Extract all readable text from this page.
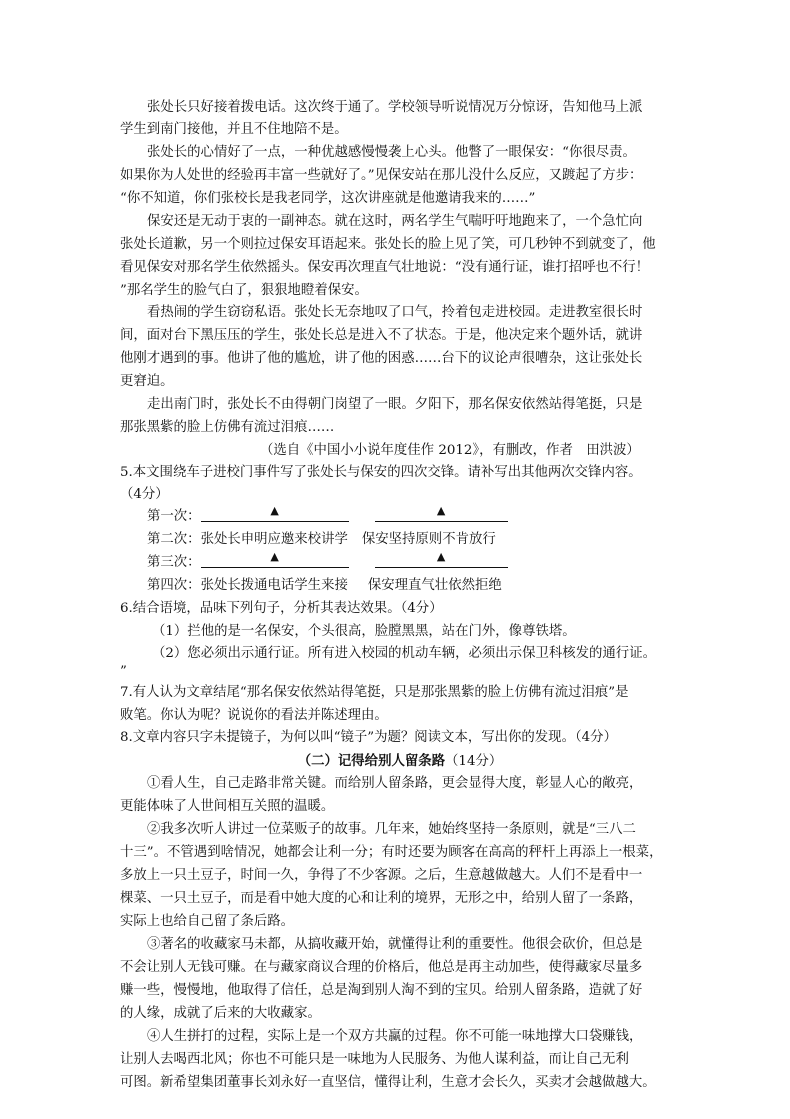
张处长只好接着拨电话。这次终于通了。学校领导听说情况万分惊讶，告知他马上派
学生到南门接他，并且不住地陪不是。
张处长的心情好了一点，一种优越感慢慢袭上心头。他瞥了一眼保安：“你很尽责。
如果你为人处世的经验再丰富一些就好了。”见保安站在那儿没什么反应，又踱起了方步：
“你不知道，你们张校长是我老同学，这次讲座就是他邀请我来的……”
保安还是无动于衷的一副神态。就在这时，两名学生气喘吁吁地跑来了，一个急忙向
张处长道歉，另一个则拉过保安耳语起来。张处长的脸上见了笑，可几秒钟不到就变了，他
看见保安对那名学生依然摇头。保安再次理直气壮地说：“没有通行证，谁打招呼也不行！
”那名学生的脸气白了，狠狠地瞪着保安。
看热闹的学生窃窃私语。张处长无奈地叹了口气，拎着包走进校园。走进教室很长时
间，面对台下黑压压的学生，张处长总是进入不了状态。于是，他决定来个题外话，就讲
他刚才遇到的事。他讲了他的尴尬，讲了他的困惑……台下的议论声很嘈杂，这让张处长
更窘迫。
走出南门时，张处长不由得朝门岗望了一眼。夕阳下，那名保安依然站得笔挺，只是
那张黑紫的脸上仿佛有流过泪痕……
（选自《中国小小说年度佳作 2012》，有删改，作者　田洪波）
5.本文围绕车子进校门事件写了张处长与保安的四次交锋。请补写出其他两次交锋内容。
（4分）
第一次：	▲	▲
第二次：张处长申明应邀来校讲学 保安坚持原则不肯放行
第三次：	▲	▲
第四次：张处长拨通电话学生来接 保安理直气壮依然拒绝
6.结合语境，品味下列句子，分析其表达效果。（4分）
（1）拦他的是一名保安，个头很高，脸膛黑黑，站在门外，像尊铁塔。
（2）您必须出示通行证。所有进入校园的机动车辆，必须出示保卫科核发的通行证。
”
7.有人认为文章结尾“那名保安依然站得笔挺，只是那张黑紫的脸上仿佛有流过泪痕”是
败笔。你认为呢？说说你的看法并陈述理由。
8.文章内容只字未提镜子，为何以叫“镜子”为题？阅读文本，写出你的发现。（4分）
（二）记得给别人留条路（14分）
①看人生，自己走路非常关键。而给别人留条路，更会显得大度，彰显人心的敞亮，
更能体味了人世间相互关照的温暖。
②我多次听人讲过一位菜贩子的故事。几年来，她始终坚持一条原则，就是“三八二
十三”。不管遇到啥情况，她都会让利一分；有时还要为顾客在高高的秤杆上再添上一根菜，
多放上一只土豆子，时间一久，争得了不少客源。之后，生意越做越大。人们不是看中一
棵菜、一只土豆子，而是看中她大度的心和让利的境界，无形之中，给别人留了一条路，
实际上也给自己留了条后路。
③著名的收藏家马未都，从搞收藏开始，就懂得让利的重要性。他很会砍价，但总是
不会让别人无钱可赚。在与藏家商议合理的价格后，他总是再主动加些，使得藏家尽量多
赚一些，慢慢地，他取得了信任，总是淘到别人淘不到的宝贝。给别人留条路，造就了好
的人缘，成就了后来的大收藏家。
④人生拼打的过程，实际上是一个双方共赢的过程。你不可能一味地撑大口袋赚钱，
让别人去喝西北风；你也不可能只是一味地为人民服务、为他人谋利益，而让自己无利
可图。新希望集团董事长刘永好一直坚信，懂得让利，生意才会长久，买卖才会越做越大。
